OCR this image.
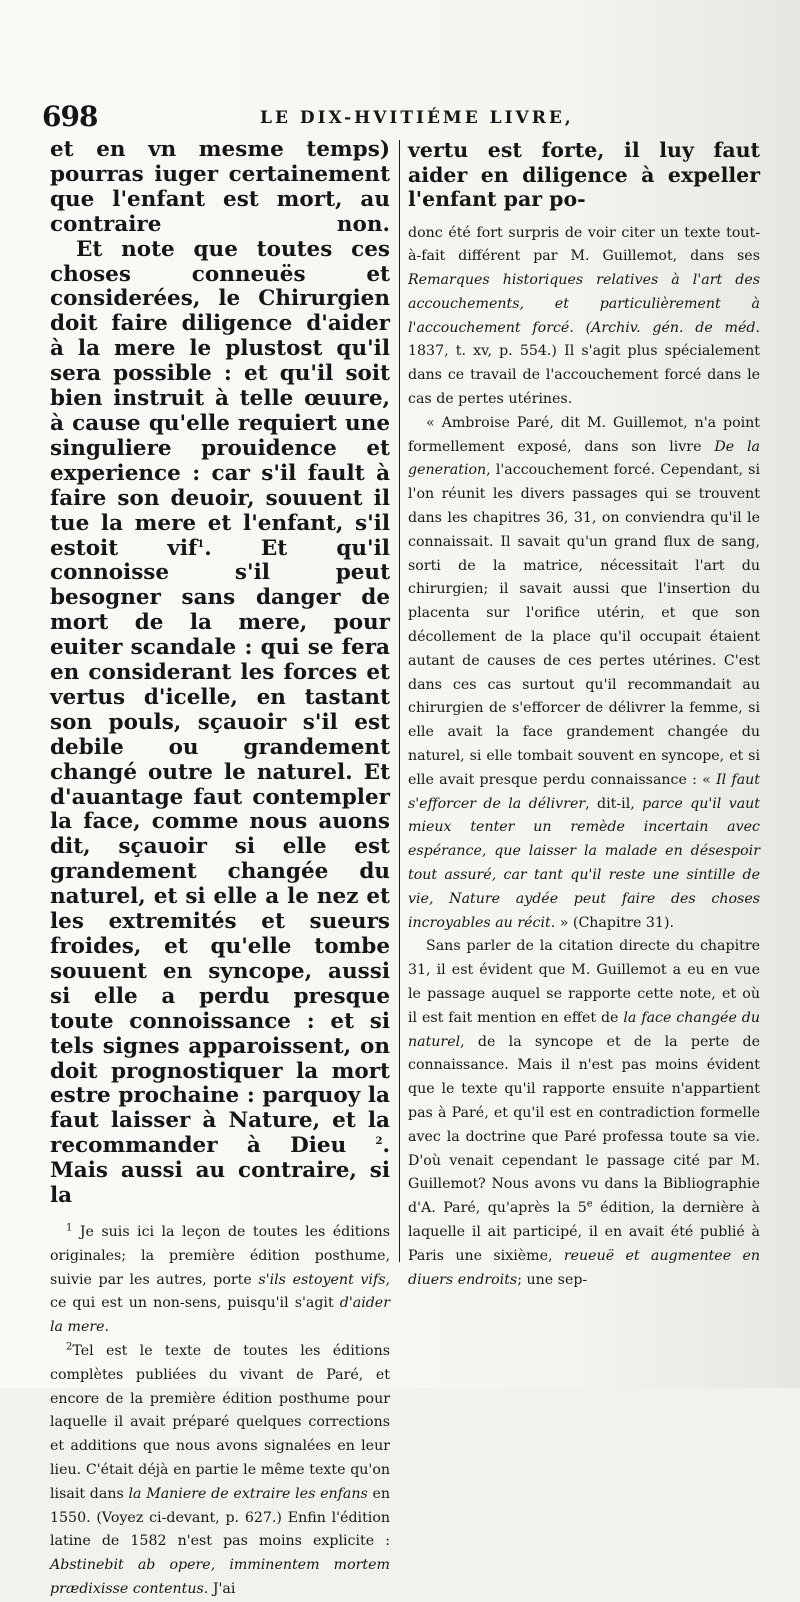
698	LE DIX-HVITIÉME LIVRE,

et en vn mesme temps) pourras iuger certainement que l'enfant est mort, au contraire non.

Et note que toutes ces choses conneuës et considerées, le Chirurgien doit faire diligence d'aider à la mere le plustost qu'il sera possible : et qu'il soit bien instruit à telle œuure, à cause qu'elle requiert une singuliere prouidence et experience : car s'il fault à faire son deuoir, souuent il tue la mere et l'enfant, s'il estoit vif$^1$. Et qu'il connoisse s'il peut besogner sans danger de mort de la mere, pour euiter scandale : qui se fera en considerant les forces et vertus d'icelle, en tastant son pouls, sçauoir s'il est debile ou grandement changé outre le naturel. Et d'auantage faut contempler la face, comme nous auons dit, sçauoir si elle est grandement changée du naturel, et si elle a le nez et les extremités et sueurs froides, et qu'elle tombe souuent en syncope, aussi si elle a perdu presque toute connoissance : et si tels signes apparoissent, on doit prognostiquer la mort estre prochaine : parquoy la faut laisser à Nature, et la recommander à Dieu	$^2$. Mais aussi au contraire, si la

$^1$ Je suis ici la leçon de toutes les éditions originales; la première édition posthume, suivie par les autres, porte s'ils estoyent vifs, ce qui est un non-sens, puisqu'il s'agit d'aider la mere.

$^2$Tel est le texte de toutes les éditions complètes publiées du vivant de Paré, et encore de la première édition posthume pour laquelle il avait préparé quelques corrections et additions que nous avons signalées en leur lieu. C'était déjà en partie le même texte qu'on lisait dans la Maniere de extraire les enfans en 1550. (Voyez ci-devant, p. 627.) Enfin l'édition latine de 1582 n'est pas moins explicite : Abstinebit ab opere, imminentem mortem prædixisse contentus. J'ai

vertu est forte, il luy faut aider en diligence à expeller l'enfant par po-

donc été fort surpris de voir citer un texte tout-à-fait différent par M. Guillemot, dans ses Remarques historiques relatives à l'art des accouchements, et particulièrement à l'accouchement forcé. (Archiv. gén. de méd. 1837, t. xv, p. 554.) Il s'agit plus spécialement dans ce travail de l'accouchement forcé dans le cas de pertes utérines.

« Ambroise Paré, dit M. Guillemot, n'a point formellement exposé, dans son livre De la generation, l'accouchement forcé. Cependant, si l'on réunit les divers passages qui se trouvent dans les chapitres 36, 31, on conviendra qu'il le connaissait. Il savait qu'un grand flux de sang, sorti de la matrice, nécessitait l'art du chirurgien; il savait aussi que l'insertion du placenta sur l'orifice utérin, et que son décollement de la place qu'il occupait étaient autant de causes de ces pertes utérines. C'est dans ces cas surtout qu'il recommandait au chirurgien de s'efforcer de délivrer la femme, si elle avait la face grandement changée du naturel, si elle tombait souvent en syncope, et si elle avait presque perdu connaissance : « Il faut s'efforcer de la délivrer, dit-il, parce qu'il vaut mieux tenter un remède incertain avec espérance, que laisser la malade en désespoir tout assuré, car tant qu'il reste une sintille de vie, Nature aydée peut faire des choses incroyables au récit. » (Chapitre 31).

Sans parler de la citation directe du chapitre 31, il est évident que M. Guillemot a eu en vue le passage auquel se rapporte cette note, et où il est fait mention en effet de la face changée du naturel, de la syncope et de la perte de connaissance. Mais il n'est pas moins évident que le texte qu'il rapporte ensuite n'appartient pas à Paré, et qu'il est en contradiction formelle avec la doctrine que Paré professa toute sa vie. D'où venait cependant le passage cité par M. Guillemot? Nous avons vu dans la Bibliographie d'A. Paré, qu'après la 5e édition, la dernière à laquelle il ait participé, il en avait été publié à Paris une sixième, reueuë et augmentee en diuers endroits; une sep-
